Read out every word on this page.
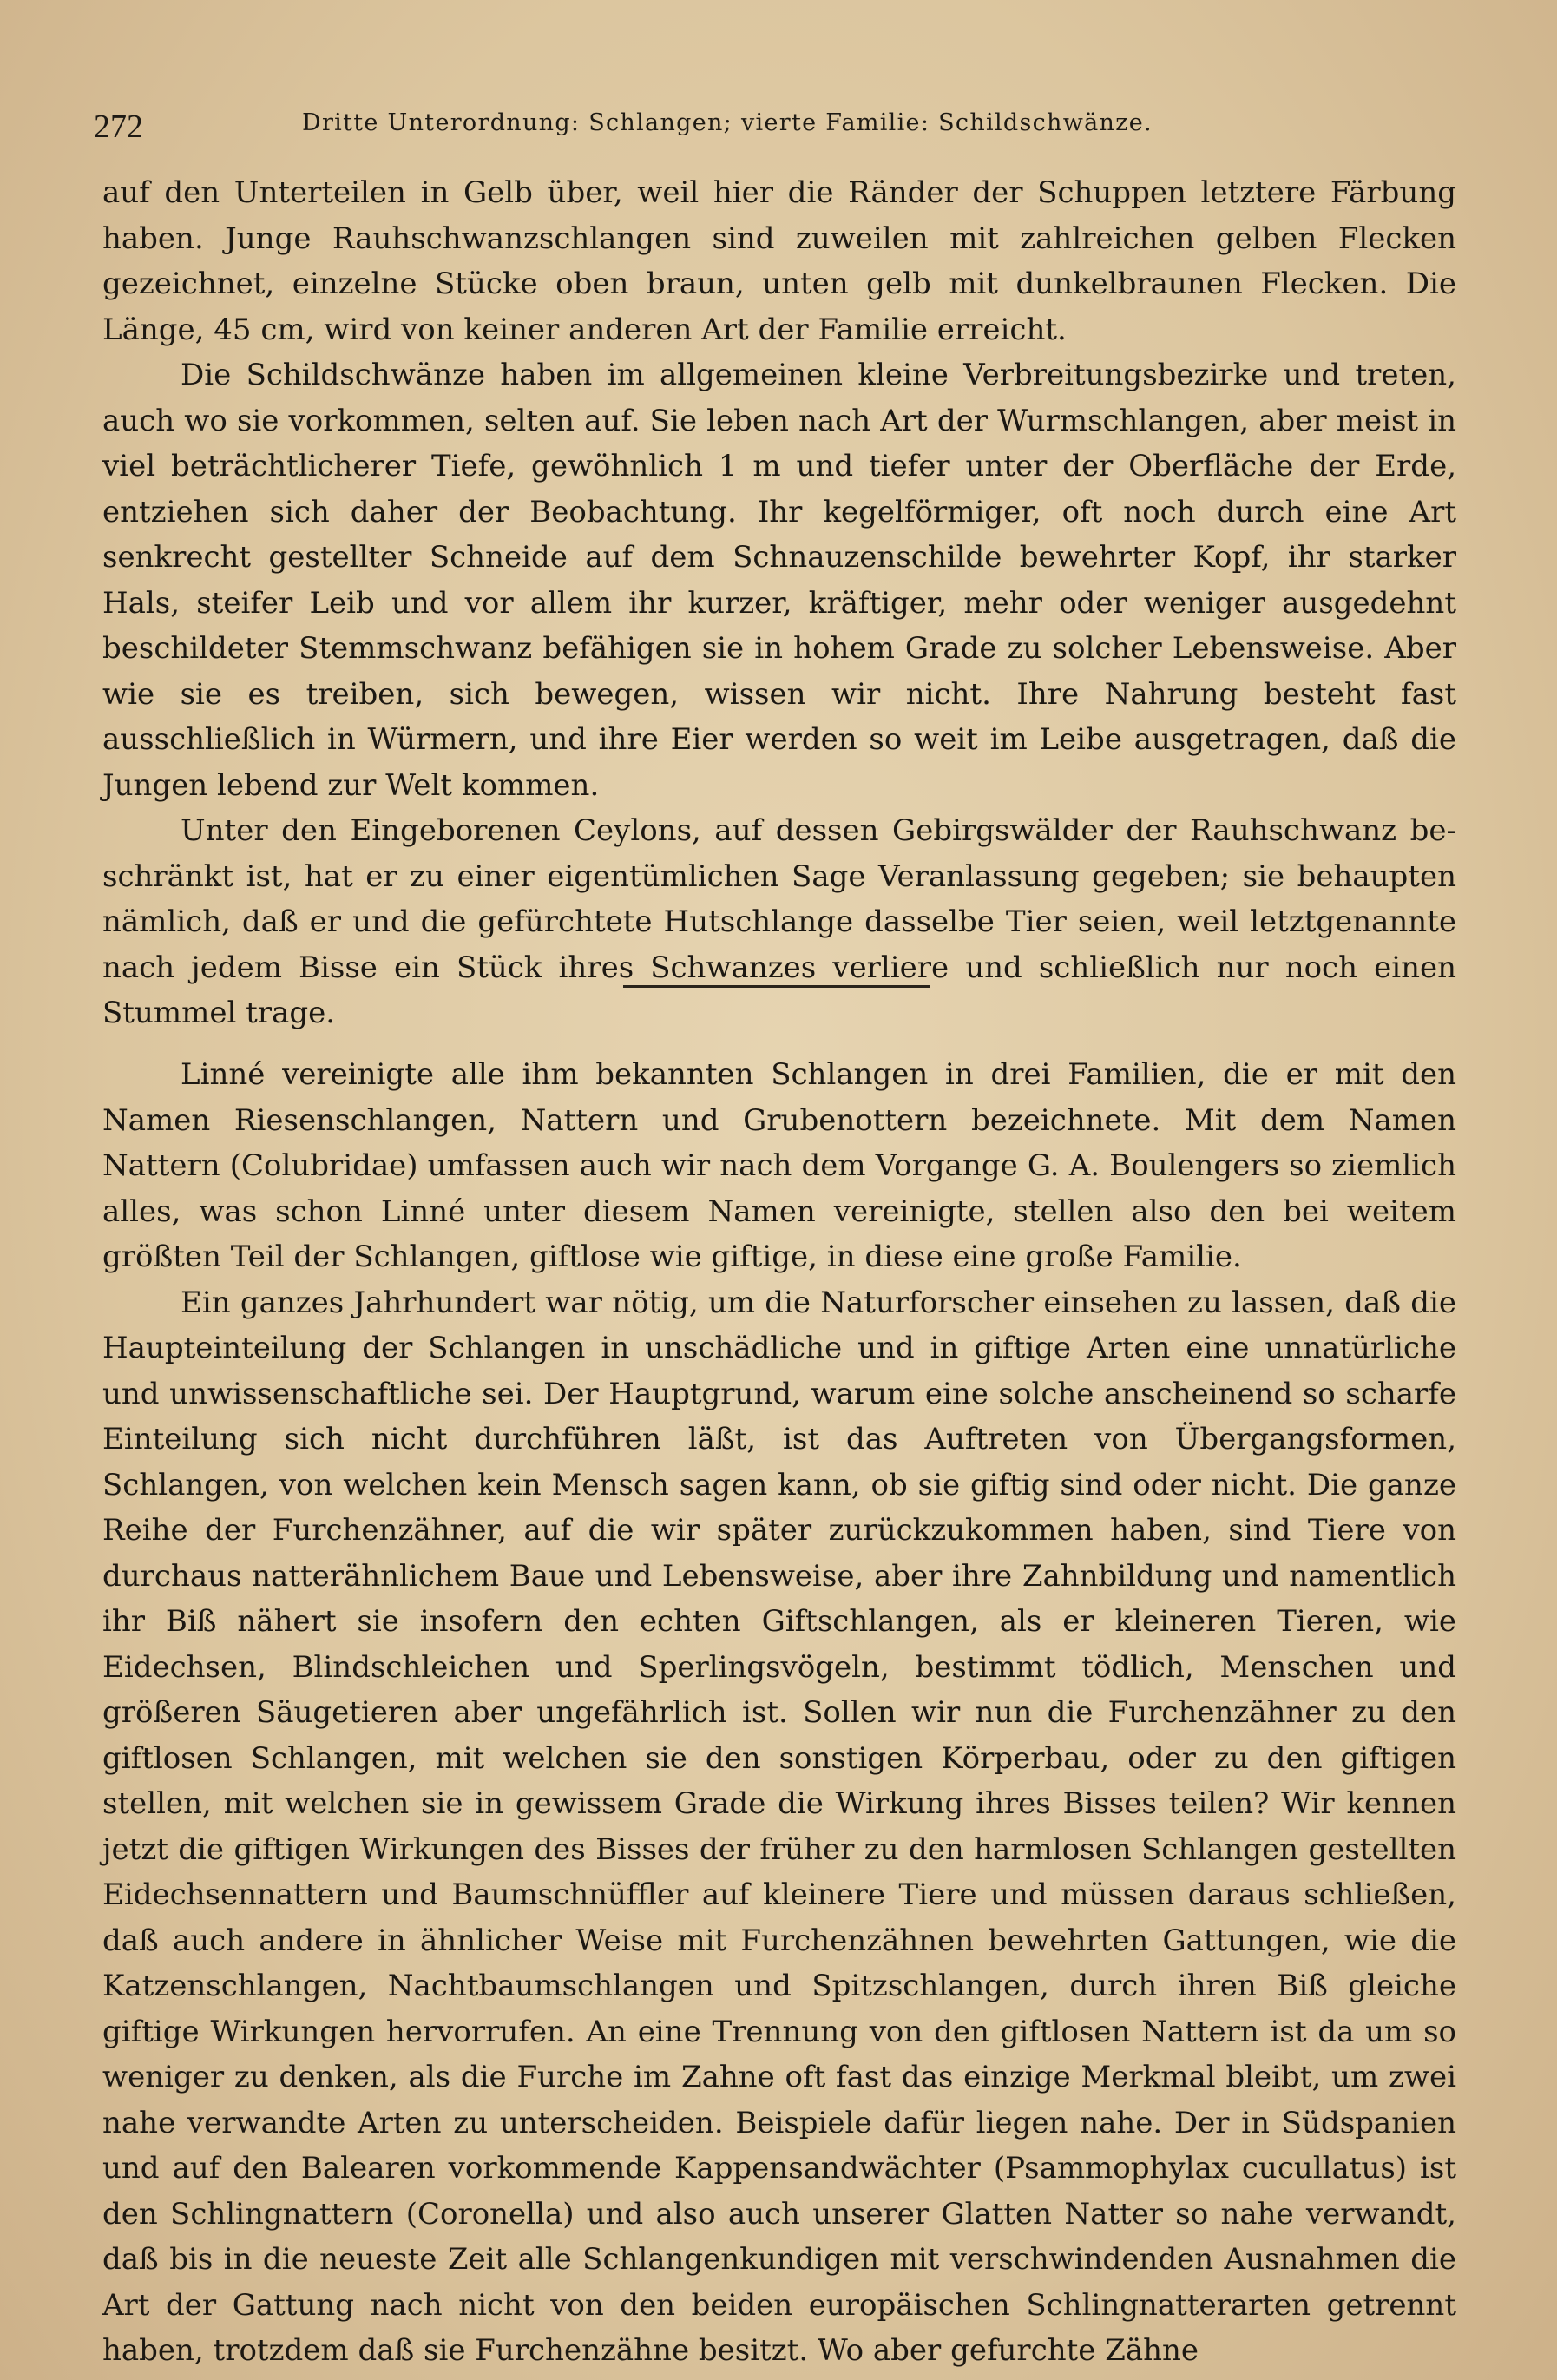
272	Dritte Unterordnung: Schlangen; vierte Familie: Schildschwänze.

auf den Unterteilen in Gelb über, weil hier die Ränder der Schuppen letztere Färbung haben. Junge Rauhschwanzschlangen sind zuweilen mit zahlreichen gelben Flecken gezeichnet, einzelne Stücke oben braun, unten gelb mit dunkelbraunen Flecken. Die Länge, 45 cm, wird von keiner anderen Art der Familie erreicht.

Die Schildschwänze haben im allgemeinen kleine Verbreitungsbezirke und treten, auch wo sie vorkommen, selten auf. Sie leben nach Art der Wurmschlangen, aber meist in viel beträchtlicherer Tiefe, gewöhnlich 1 m und tiefer unter der Oberfläche der Erde, entziehen sich daher der Beobachtung. Ihr kegelförmiger, oft noch durch eine Art senkrecht gestellter Schneide auf dem Schnauzenschilde bewehrter Kopf, ihr starker Hals, steifer Leib und vor allem ihr kurzer, kräftiger, mehr oder weniger ausgedehnt beschildeter Stemmschwanz befähigen sie in hohem Grade zu solcher Lebensweise. Aber wie sie es treiben, sich bewegen, wissen wir nicht. Ihre Nahrung besteht fast ausschließlich in Würmern, und ihre Eier werden so weit im Leibe ausgetragen, daß die Jungen lebend zur Welt kommen.

Unter den Eingeborenen Ceylons, auf dessen Gebirgswälder der Rauhschwanz beschränkt ist, hat er zu einer eigentümlichen Sage Veranlassung gegeben; sie behaupten nämlich, daß er und die gefürchtete Hutschlange dasselbe Tier seien, weil letztgenannte nach jedem Bisse ein Stück ihres Schwanzes verliere und schließlich nur noch einen Stummel trage.

Linné vereinigte alle ihm bekannten Schlangen in drei Familien, die er mit den Namen Riesenschlangen, Nattern und Grubenottern bezeichnete. Mit dem Namen Nattern (Colubridae) umfassen auch wir nach dem Vorgange G. A. Boulengers so ziemlich alles, was schon Linné unter diesem Namen vereinigte, stellen also den bei weitem größten Teil der Schlangen, giftlose wie giftige, in diese eine große Familie.

Ein ganzes Jahrhundert war nötig, um die Naturforscher einsehen zu lassen, daß die Haupteinteilung der Schlangen in unschädliche und in giftige Arten eine unnatürliche und unwissenschaftliche sei. Der Hauptgrund, warum eine solche anscheinend so scharfe Einteilung sich nicht durchführen läßt, ist das Auftreten von Übergangsformen, Schlangen, von welchen kein Mensch sagen kann, ob sie giftig sind oder nicht. Die ganze Reihe der Furchenzähner, auf die wir später zurückzukommen haben, sind Tiere von durchaus natterähnlichem Baue und Lebensweise, aber ihre Zahnbildung und namentlich ihr Biß nähert sie insofern den echten Giftschlangen, als er kleineren Tieren, wie Eidechsen, Blindschleichen und Sperlingsvögeln, bestimmt tödlich, Menschen und größeren Säugetieren aber ungefährlich ist. Sollen wir nun die Furchenzähner zu den giftlosen Schlangen, mit welchen sie den sonstigen Körperbau, oder zu den giftigen stellen, mit welchen sie in gewissem Grade die Wirkung ihres Bisses teilen? Wir kennen jetzt die giftigen Wirkungen des Bisses der früher zu den harmlosen Schlangen gestellten Eidechsennattern und Baumschnüffler auf kleinere Tiere und müssen daraus schließen, daß auch andere in ähnlicher Weise mit Furchenzähnen bewehrten Gattungen, wie die Katzenschlangen, Nachtbaumschlangen und Spitzschlangen, durch ihren Biß gleiche giftige Wirkungen hervorrufen. An eine Trennung von den giftlosen Nattern ist da um so weniger zu denken, als die Furche im Zahne oft fast das einzige Merkmal bleibt, um zwei nahe verwandte Arten zu unterscheiden. Beispiele dafür liegen nahe. Der in Südspanien und auf den Balearen vorkommende Kappensandwächter (Psammophylax cucullatus) ist den Schlingnattern (Coronella) und also auch unserer Glatten Natter so nahe verwandt, daß bis in die neueste Zeit alle Schlangenkundigen mit verschwindenden Ausnahmen die Art der Gattung nach nicht von den beiden europäischen Schlingnatterarten getrennt haben, trotzdem daß sie Furchenzähne besitzt. Wo aber gefurchte Zähne
